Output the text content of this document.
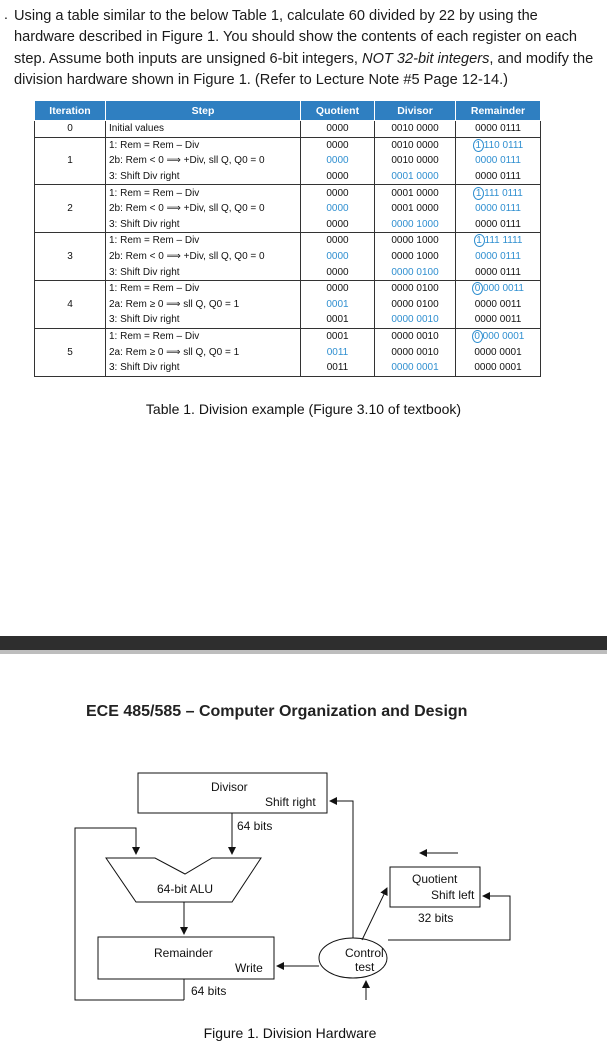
. Using a table similar to the below Table 1, calculate 60 divided by 22 by using the hardware described in Figure 1. You should show the contents of each register on each step. Assume both inputs are unsigned 6-bit integers, NOT 32-bit integers, and modify the division hardware shown in Figure 1. (Refer to Lecture Note #5 Page 12-14.)
Iteration	Step	Quotient	Divisor	Remainder
0	Initial values	0000	0010 0000	0000 0111
1	1: Rem = Rem – Div	0000	0010 0000	1 110 0111
	2b: Rem < 0 ⟹ +Div, sll Q, Q0 = 0	0000	0010 0000	0000 0111
	3: Shift Div right	0000	0001 0000	0000 0111
2	1: Rem = Rem – Div	0000	0001 0000	1 111 0111
	2b: Rem < 0 ⟹ +Div, sll Q, Q0 = 0	0000	0001 0000	0000 0111
	3: Shift Div right	0000	0000 1000	0000 0111
3	1: Rem = Rem – Div	0000	0000 1000	1 111 1111
	2b: Rem < 0 ⟹ +Div, sll Q, Q0 = 0	0000	0000 1000	0000 0111
	3: Shift Div right	0000	0000 0100	0000 0111
4	1: Rem = Rem – Div	0000	0000 0100	0 000 0011
	2a: Rem ≥ 0 ⟹ sll Q, Q0 = 1	0001	0000 0100	0000 0011
	3: Shift Div right	0001	0000 0010	0000 0011
5	1: Rem = Rem – Div	0001	0000 0010	0 000 0001
	2a: Rem ≥ 0 ⟹ sll Q, Q0 = 1	0011	0000 0010	0000 0001
	3: Shift Div right	0011	0000 0001	0000 0001
Table 1. Division example (Figure 3.10 of textbook)
ECE 485/585 – Computer Organization and Design
Divisor
Shift right
64 bits
64-bit ALU
Remainder
Write
64 bits
Control
test
Quotient
Shift left
32 bits
Figure 1. Division Hardware
